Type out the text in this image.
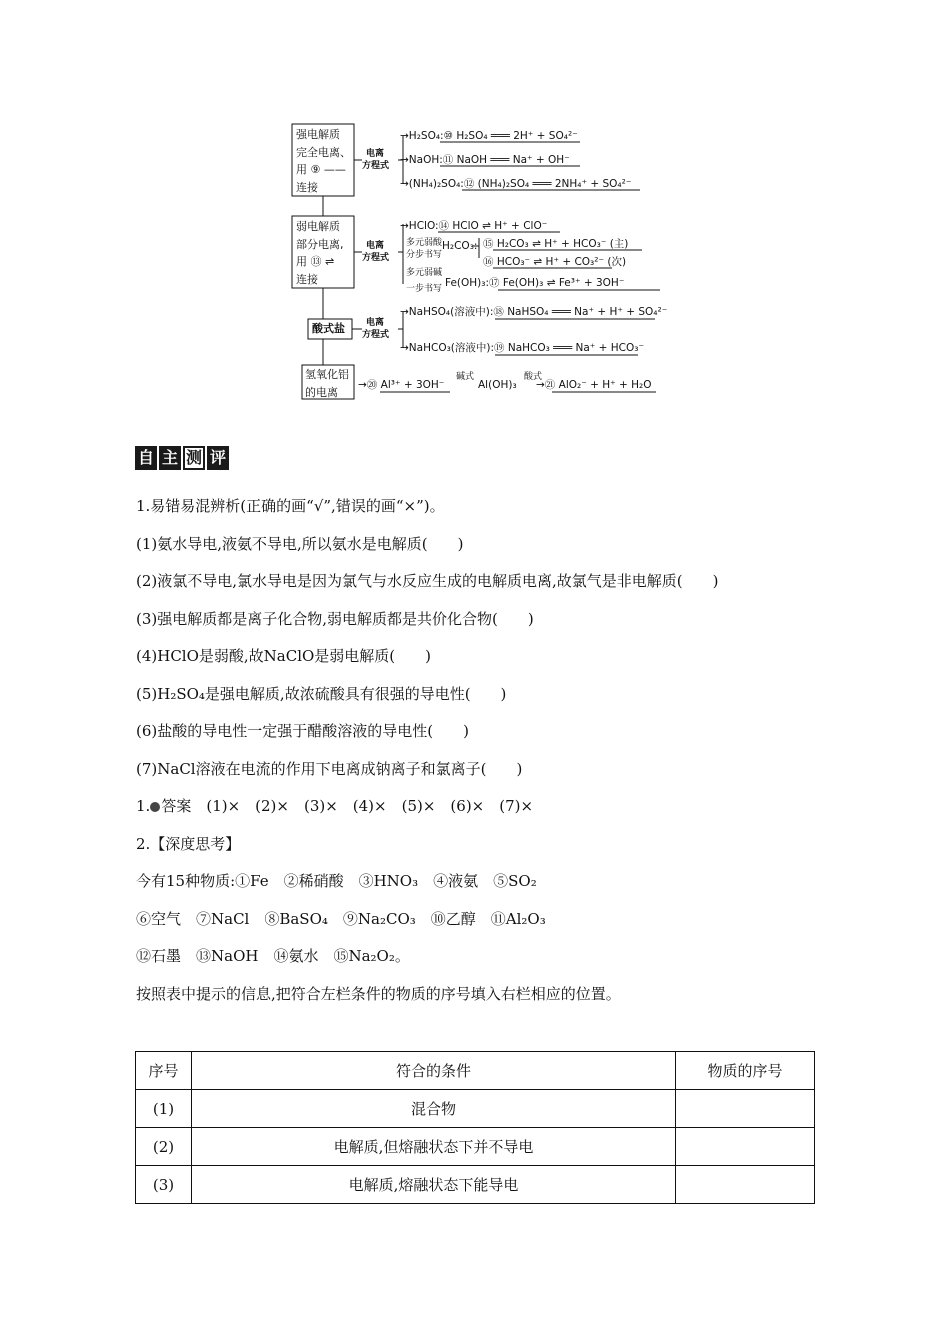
强电解质
完全电离、
用 ⑨ ——
连接
弱电解质
部分电离,
用 ⑬ ⇌
连接
酸式盐
氢氧化铝
的电离
电离
方程式
电离
方程式
电离
方程式
→H₂SO₄:⑩ H₂SO₄ ═══ 2H⁺ + SO₄²⁻
→NaOH:⑪ NaOH ═══ Na⁺ + OH⁻
→(NH₄)₂SO₄:⑫ (NH₄)₂SO₄ ═══ 2NH₄⁺ + SO₄²⁻
→HClO:⑭ HClO ⇌ H⁺ + ClO⁻
多元弱酸
分步书写
H₂CO₃: ⑮ H₂CO₃ ⇌ H⁺ + HCO₃⁻ (主)
⑯ HCO₃⁻ ⇌ H⁺ + CO₃²⁻ (次)
多元弱碱
一步书写 Fe(OH)₃:⑰ Fe(OH)₃ ⇌ Fe³⁺ + 3OH⁻
→NaHSO₄(溶液中):⑱ NaHSO₄ ═══ Na⁺ + H⁺ + SO₄²⁻
→NaHCO₃(溶液中):⑲ NaHCO₃ ═══ Na⁺ + HCO₃⁻
→⑳ Al³⁺ + 3OH⁻
碱式
Al(OH)₃
酸式
→㉑ AlO₂⁻ + H⁺ + H₂O
自 主 测 评
1.易错易混辨析(正确的画“√”,错误的画“×”)。
(1)氨水导电,液氨不导电,所以氨水是电解质(　　)
(2)液氯不导电,氯水导电是因为氯气与水反应生成的电解质电离,故氯气是非电解质(　　)
(3)强电解质都是离子化合物,弱电解质都是共价化合物(　　)
(4)HClO是弱酸,故NaClO是弱电解质(　　)
(5)H₂SO₄是强电解质,故浓硫酸具有很强的导电性(　　)
(6)盐酸的导电性一定强于醋酸溶液的导电性(　　)
(7)NaCl溶液在电流的作用下电离成钠离子和氯离子(　　)
1. 答案　 (1)×　(2)×　(3)×　(4)×　(5)×　(6)×　(7)×
2.【深度思考】
今有15种物质:①Fe　②稀硝酸　③HNO₃　④液氨　⑤SO₂
⑥空气　⑦NaCl　⑧BaSO₄　⑨Na₂CO₃　⑩乙醇　⑪Al₂O₃
⑫石墨　⑬NaOH　⑭氨水　⑮Na₂O₂。
按照表中提示的信息,把符合左栏条件的物质的序号填入右栏相应的位置。
序号	符合的条件	物质的序号
(1)	混合物	
(2)	电解质,但熔融状态下并不导电	
(3)	电解质,熔融状态下能导电	
